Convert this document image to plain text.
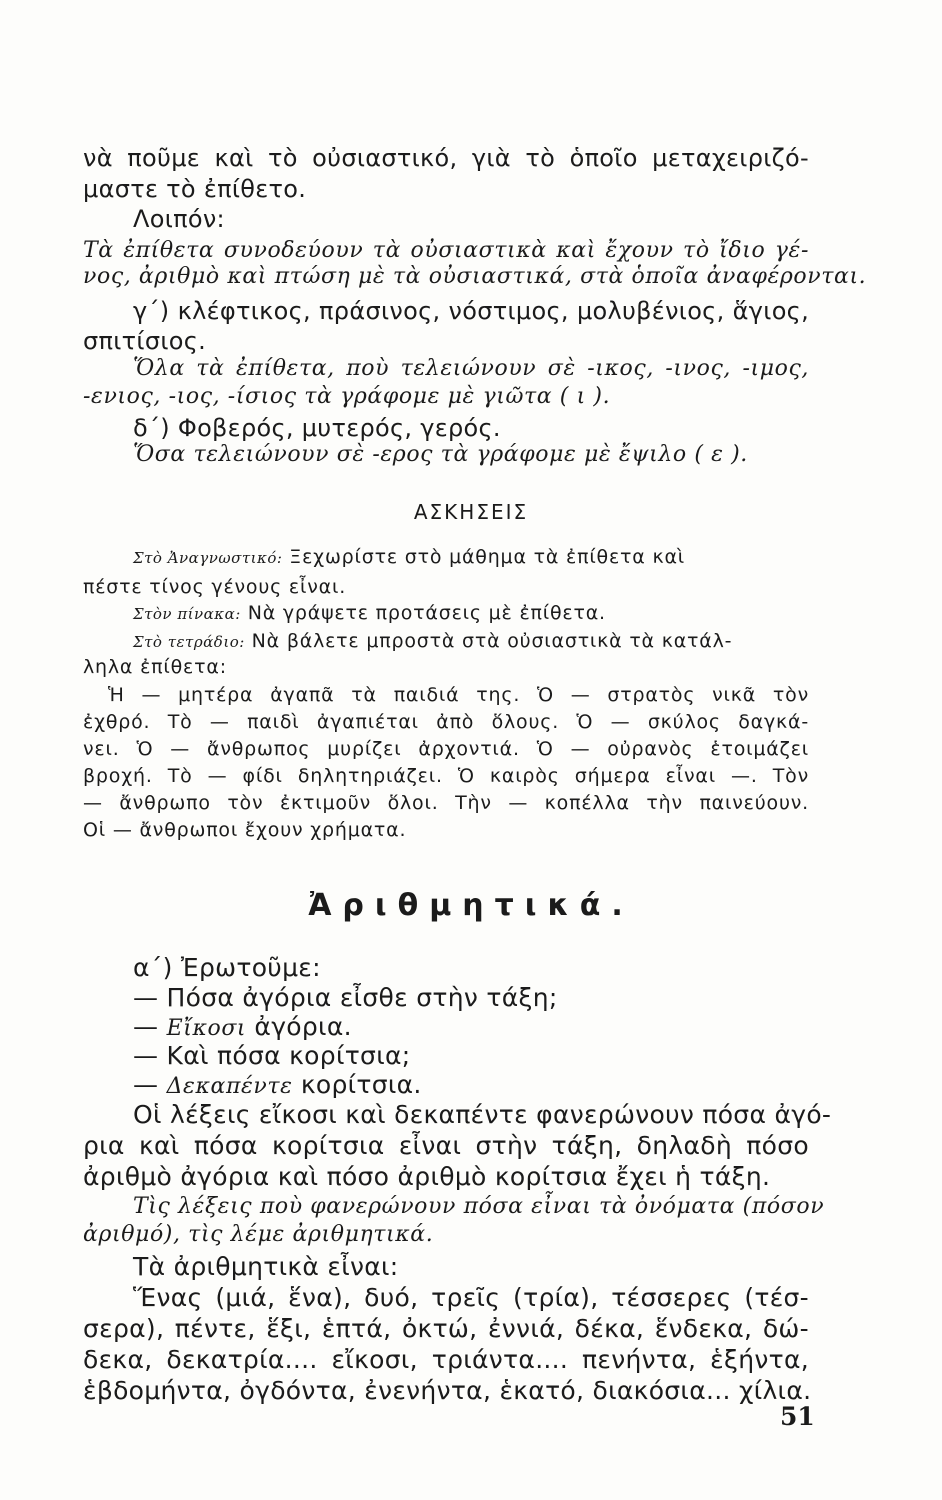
νὰ ποῦμε καὶ τὸ οὐσιαστικό, γιὰ τὸ ὁποῖο μεταχειριζό-

μαστε τὸ ἐπίθετο.

Λοιπόν:

Τὰ ἐπίθετα συνοδεύουν τὰ οὐσιαστικὰ καὶ ἔχουν τὸ ἴδιο γέ-

νος, ἀριθμὸ καὶ πτώση μὲ τὰ οὐσιαστικά, στὰ ὁποῖα ἀναφέρονται.

γ΄) κλέφτικος, πράσινος, νόστιμος, μολυβένιος, ἅγιος,

σπιτίσιος.

Ὅλα τὰ ἐπίθετα, ποὺ τελειώνουν σὲ -ικος, -ινος, -ιμος,

-ενιος, -ιος, -ίσιος τὰ γράφομε μὲ γιῶτα ( ι ).

δ΄) Φοβερός, μυτερός, γερός.

Ὅσα τελειώνουν σὲ -ερος τὰ γράφομε μὲ ἔψιλο ( ε ).

ΑΣΚΗΣΕΙΣ

Στὸ Ἀναγνωστικό: Ξεχωρίστε στὸ μάθημα τὰ ἐπίθετα καὶ

πέστε τίνος γένους εἶναι.

Στὸν πίνακα: Νὰ γράψετε προτάσεις μὲ ἐπίθετα.

Στὸ τετράδιο: Νὰ βάλετε μπροστὰ στὰ οὐσιαστικὰ τὰ κατάλ-

ληλα ἐπίθετα:

Ἡ — μητέρα ἀγαπᾶ τὰ παιδιά της. Ὁ — στρατὸς νικᾶ τὸν

ἐχθρό. Τὸ — παιδὶ ἀγαπιέται ἀπὸ ὅλους. Ὁ — σκύλος δαγκά-

νει. Ὁ — ἄνθρωπος μυρίζει ἀρχοντιά. Ὁ — οὐρανὸς ἑτοιμάζει

βροχή. Τὸ — φίδι δηλητηριάζει. Ὁ καιρὸς σήμερα εἶναι —. Τὸν

— ἄνθρωπο τὸν ἐκτιμοῦν ὅλοι. Τὴν — κοπέλλα τὴν παινεύουν.

Οἱ — ἄνθρωποι ἔχουν χρήματα.

Ἀριθμητικά.

α΄) Ἐρωτοῦμε:

— Πόσα ἀγόρια εἶσθε στὴν τάξη;

— Εἴκοσι ἀγόρια.

— Καὶ πόσα κορίτσια;

— Δεκαπέντε κορίτσια.

Οἱ λέξεις εἴκοσι καὶ δεκαπέντε φανερώνουν πόσα ἀγό-

ρια καὶ πόσα κορίτσια εἶναι στὴν τάξη, δηλαδὴ πόσο

ἀριθμὸ ἀγόρια καὶ πόσο ἀριθμὸ κορίτσια ἔχει ἡ τάξη.

Τὶς λέξεις ποὺ φανερώνουν πόσα εἶναι τὰ ὀνόματα (πόσον

ἀριθμό), τὶς λέμε ἀριθμητικά.

Τὰ ἀριθμητικὰ εἶναι:

Ἕνας (μιά, ἕνα), δυό, τρεῖς (τρία), τέσσερες (τέσ-

σερα), πέντε, ἕξι, ἑπτά, ὀκτώ, ἐννιά, δέκα, ἕνδεκα, δώ-

δεκα, δεκατρία.... εἴκοσι, τριάντα.... πενήντα, ἑξήντα,

ἑβδομήντα, ὀγδόντα, ἐνενήντα, ἑκατό, διακόσια... χίλια.

51
